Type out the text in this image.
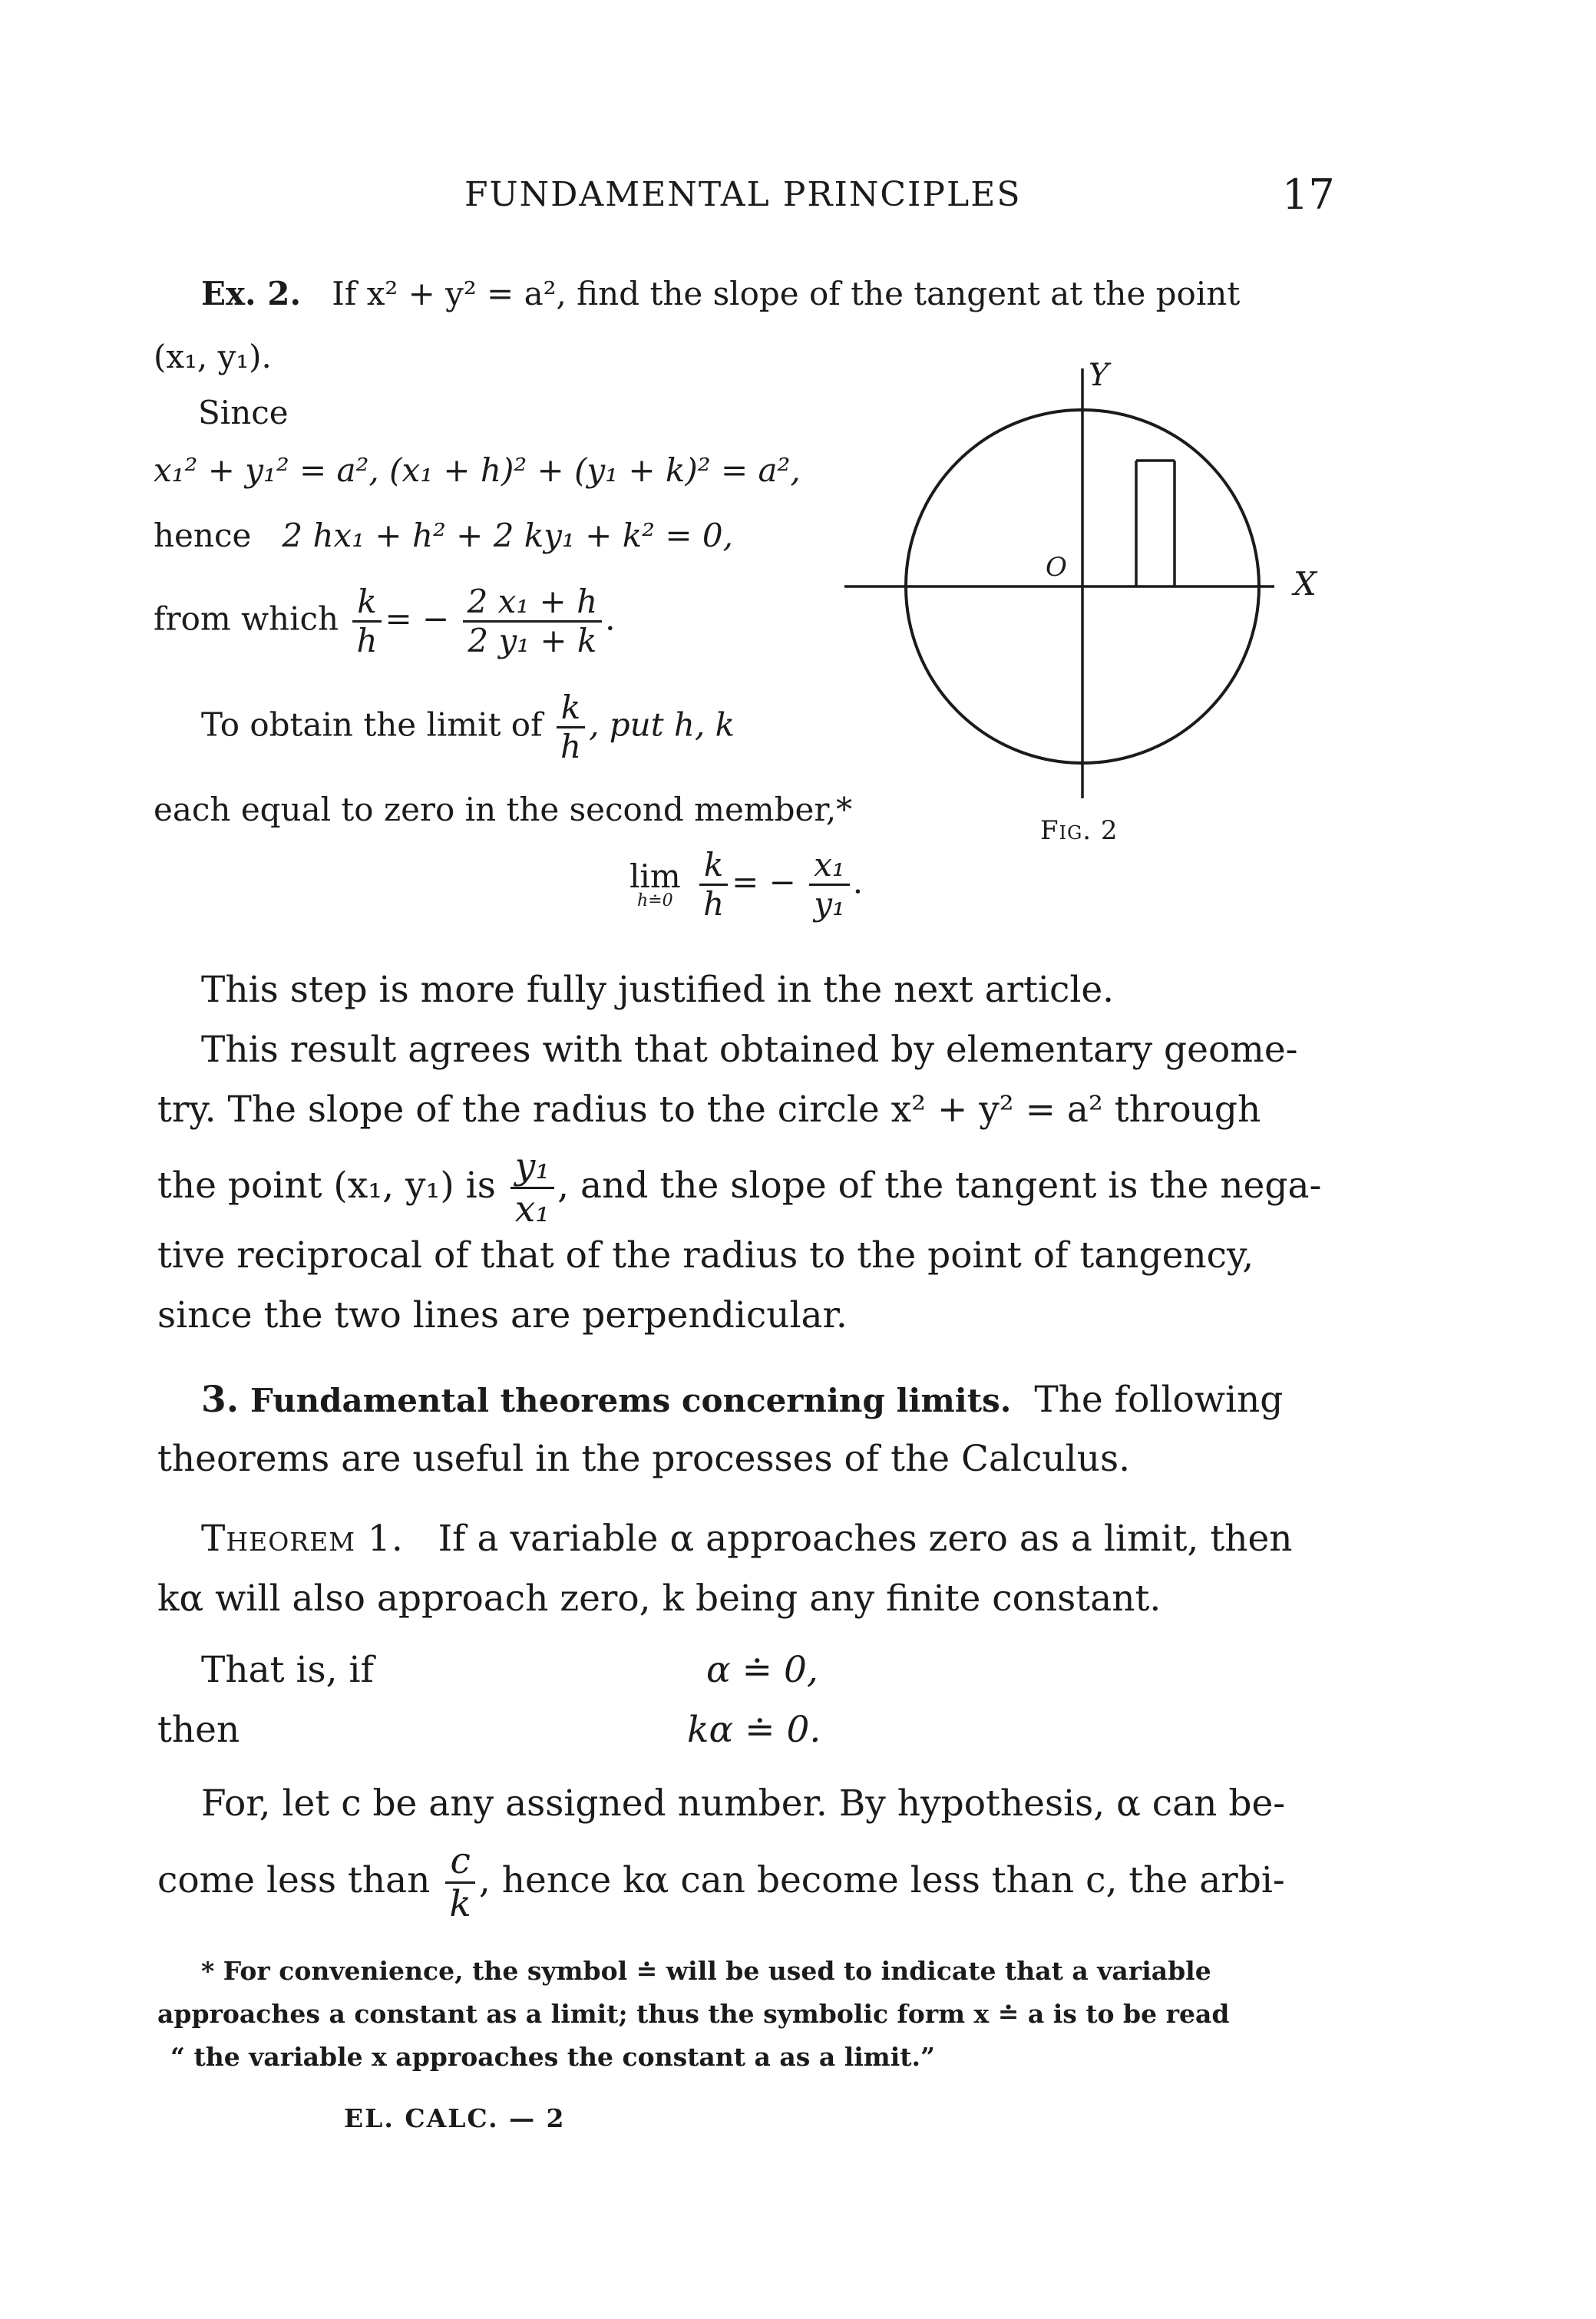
FUNDAMENTAL PRINCIPLES	17
Ex. 2. If x² + y² = a², find the slope of the tangent at the point
(x₁, y₁).
Since
x₁² + y₁² = a², (x₁ + h)² + (y₁ + k)² = a²,
hence 2 hx₁ + h² + 2 ky₁ + k² = 0,
from which $\frac{k}{h}$ = − $\frac{\text{2 x₁ + h}}{\text{2 y₁ + k}}$ .
To obtain the limit of $\frac{k}{h}$ , put h, k
each equal to zero in the second member,*
lim
h≐0
$\frac{k}{h}$ = − $\frac{\text{x₁}}{\text{y₁}}$ .
Y
O	X
Fig. 2
This step is more fully justified in the next article.
This result agrees with that obtained by elementary geome-
try. The slope of the radius to the circle x² + y² = a² through
the point (x₁, y₁) is $\frac{\text{y₁}}{\text{x₁}}$ , and the slope of the tangent is the nega-
tive reciprocal of that of the radius to the point of tangency,
since the two lines are perpendicular.
3. Fundamental theorems concerning limits. The following
theorems are useful in the processes of the Calculus.
Theorem 1. If a variable α approaches zero as a limit, then
kα will also approach zero, k being any finite constant.
That is, if	α ≐ 0,
then	kα ≐ 0.
For, let c be any assigned number. By hypothesis, α can be-
come less than $\frac{c}{k}$ , hence kα can become less than c, the arbi-
* For convenience, the symbol ≐ will be used to indicate that a variable
approaches a constant as a limit; thus the symbolic form x ≐ a is to be read
“ the variable x approaches the constant a as a limit.”
EL. CALC. — 2
